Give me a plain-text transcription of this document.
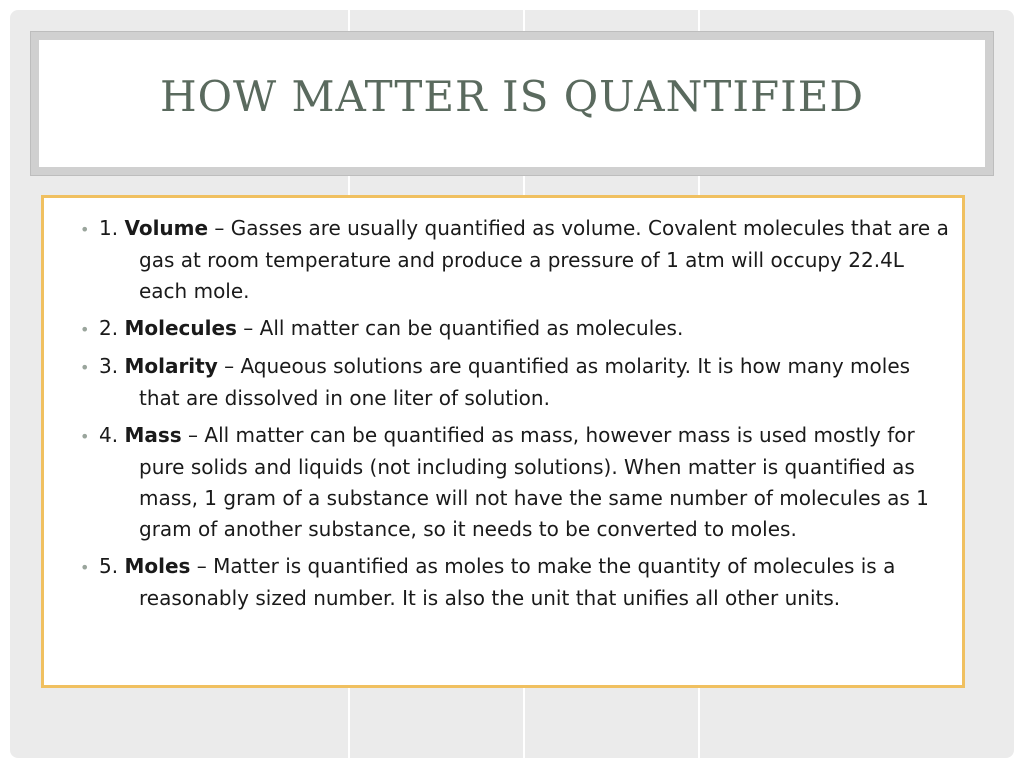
HOW MATTER IS QUANTIFIED
• 1. Volume – Gasses are usually quantified as volume. Covalent molecules that are a gas at room temperature and produce a pressure of 1 atm will occupy 22.4L each mole.
• 2. Molecules – All matter can be quantified as molecules.
• 3. Molarity – Aqueous solutions are quantified as molarity. It is how many moles that are dissolved in one liter of solution.
• 4. Mass – All matter can be quantified as mass, however mass is used mostly for pure solids and liquids (not including solutions). When matter is quantified as mass, 1 gram of a substance will not have the same number of molecules as 1 gram of another substance, so it needs to be converted to moles.
• 5. Moles – Matter is quantified as moles to make the quantity of molecules is a reasonably sized number. It is also the unit that unifies all other units.
